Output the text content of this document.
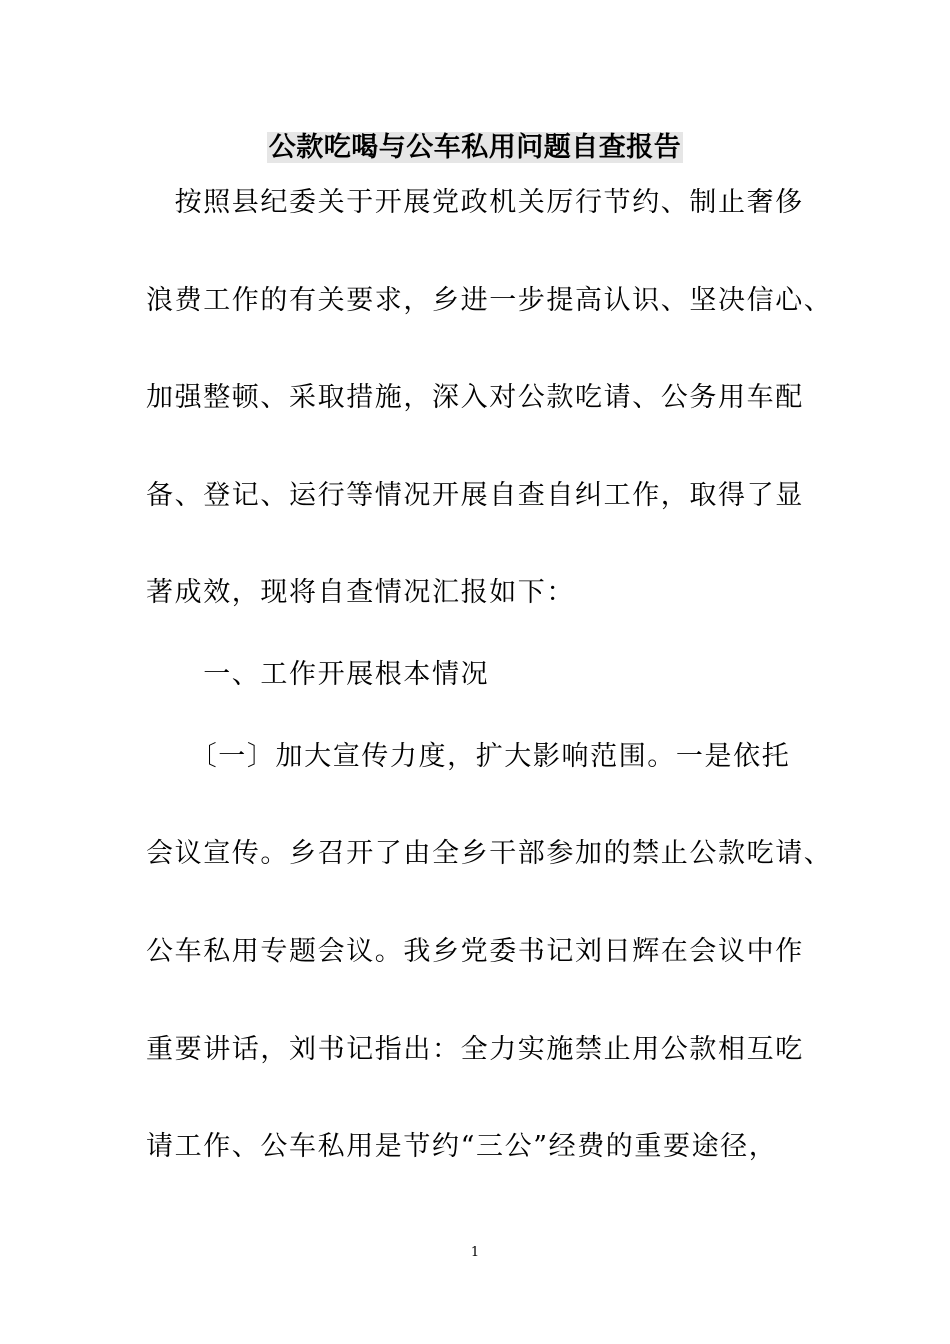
公款吃喝与公车私用问题自查报告
　按照县纪委关于开展党政机关厉行节约、制止奢侈
浪费工作的有关要求，乡进一步提高认识、坚决信心、
加强整顿、采取措施，深入对公款吃请、公务用车配
备、登记、运行等情况开展自查自纠工作，取得了显
著成效，现将自查情况汇报如下：
　　一、工作开展根本情况
　　〔一〕加大宣传力度，扩大影响范围。一是依托
会议宣传。乡召开了由全乡干部参加的禁止公款吃请、
公车私用专题会议。我乡党委书记刘日辉在会议中作
重要讲话，刘书记指出：全力实施禁止用公款相互吃
请工作、公车私用是节约“三公”经费的重要途径，
1
